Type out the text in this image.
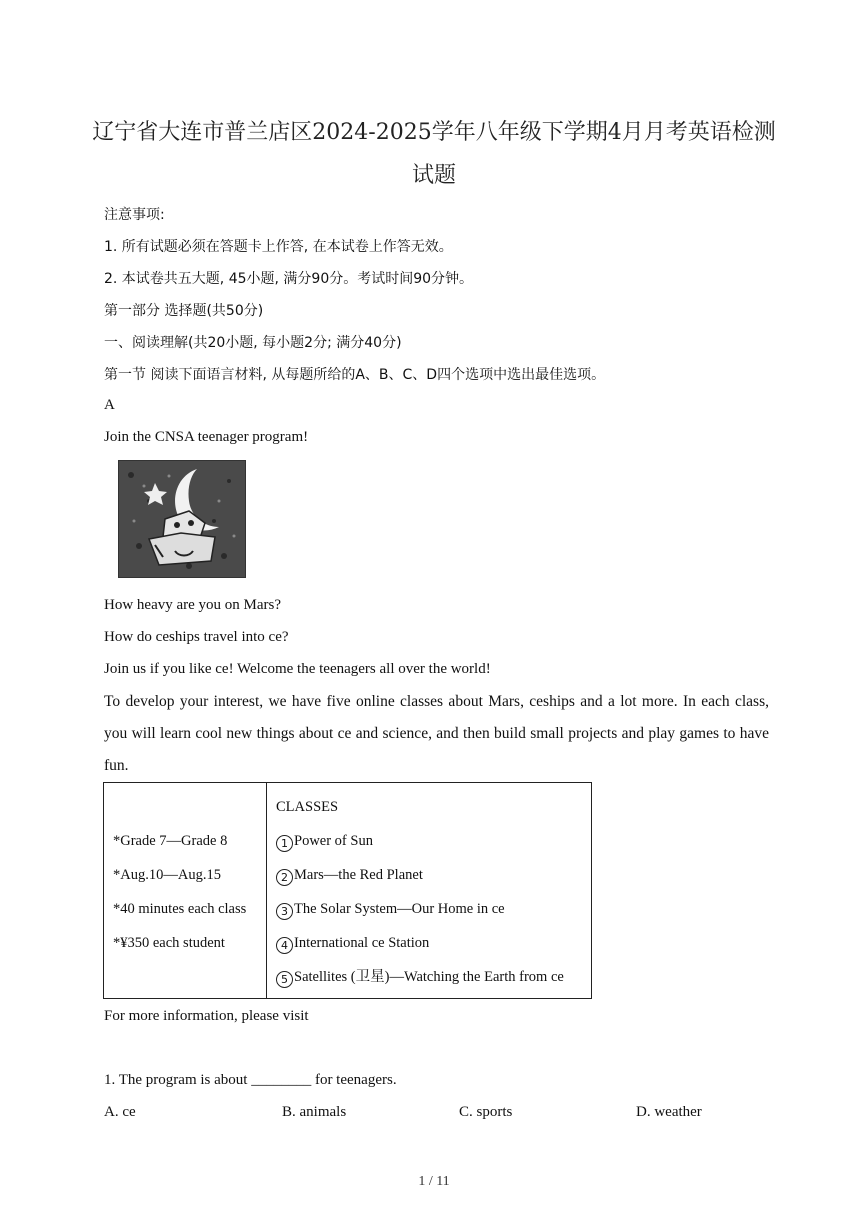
辽宁省大连市普兰店区2024-2025学年八年级下学期4月月考英语检测
试题
注意事项:
1. 所有试题必须在答题卡上作答, 在本试卷上作答无效。
2. 本试卷共五大题, 45小题, 满分90分。考试时间90分钟。
第一部分 选择题(共50分)
一、阅读理解(共20小题, 每小题2分; 满分40分)
第一节 阅读下面语言材料, 从每题所给的A、B、C、D四个选项中选出最佳选项。
A
Join the CNSA teenager program!
How heavy are you on Mars?
How do ceships travel into ce?
Join us if you like ce! Welcome the teenagers all over the world!
To develop your interest, we have five online classes about Mars, ceships and a lot more. In each class, you will learn cool new things about ce and science, and then build small projects and play games to have fun.
*Grade 7—Grade 8
*Aug.10—Aug.15
*40 minutes each class
*¥350 each student

CLASSES
1 Power of Sun
2 Mars—the Red Planet
3 The Solar System—Our Home in ce
4 International ce Station
5 Satellites (卫星)—Watching the Earth from ce
For more information, please visit
1. The program is about ________ for teenagers.
A. ce	B. animals	C. sports	D. weather
1 / 11
